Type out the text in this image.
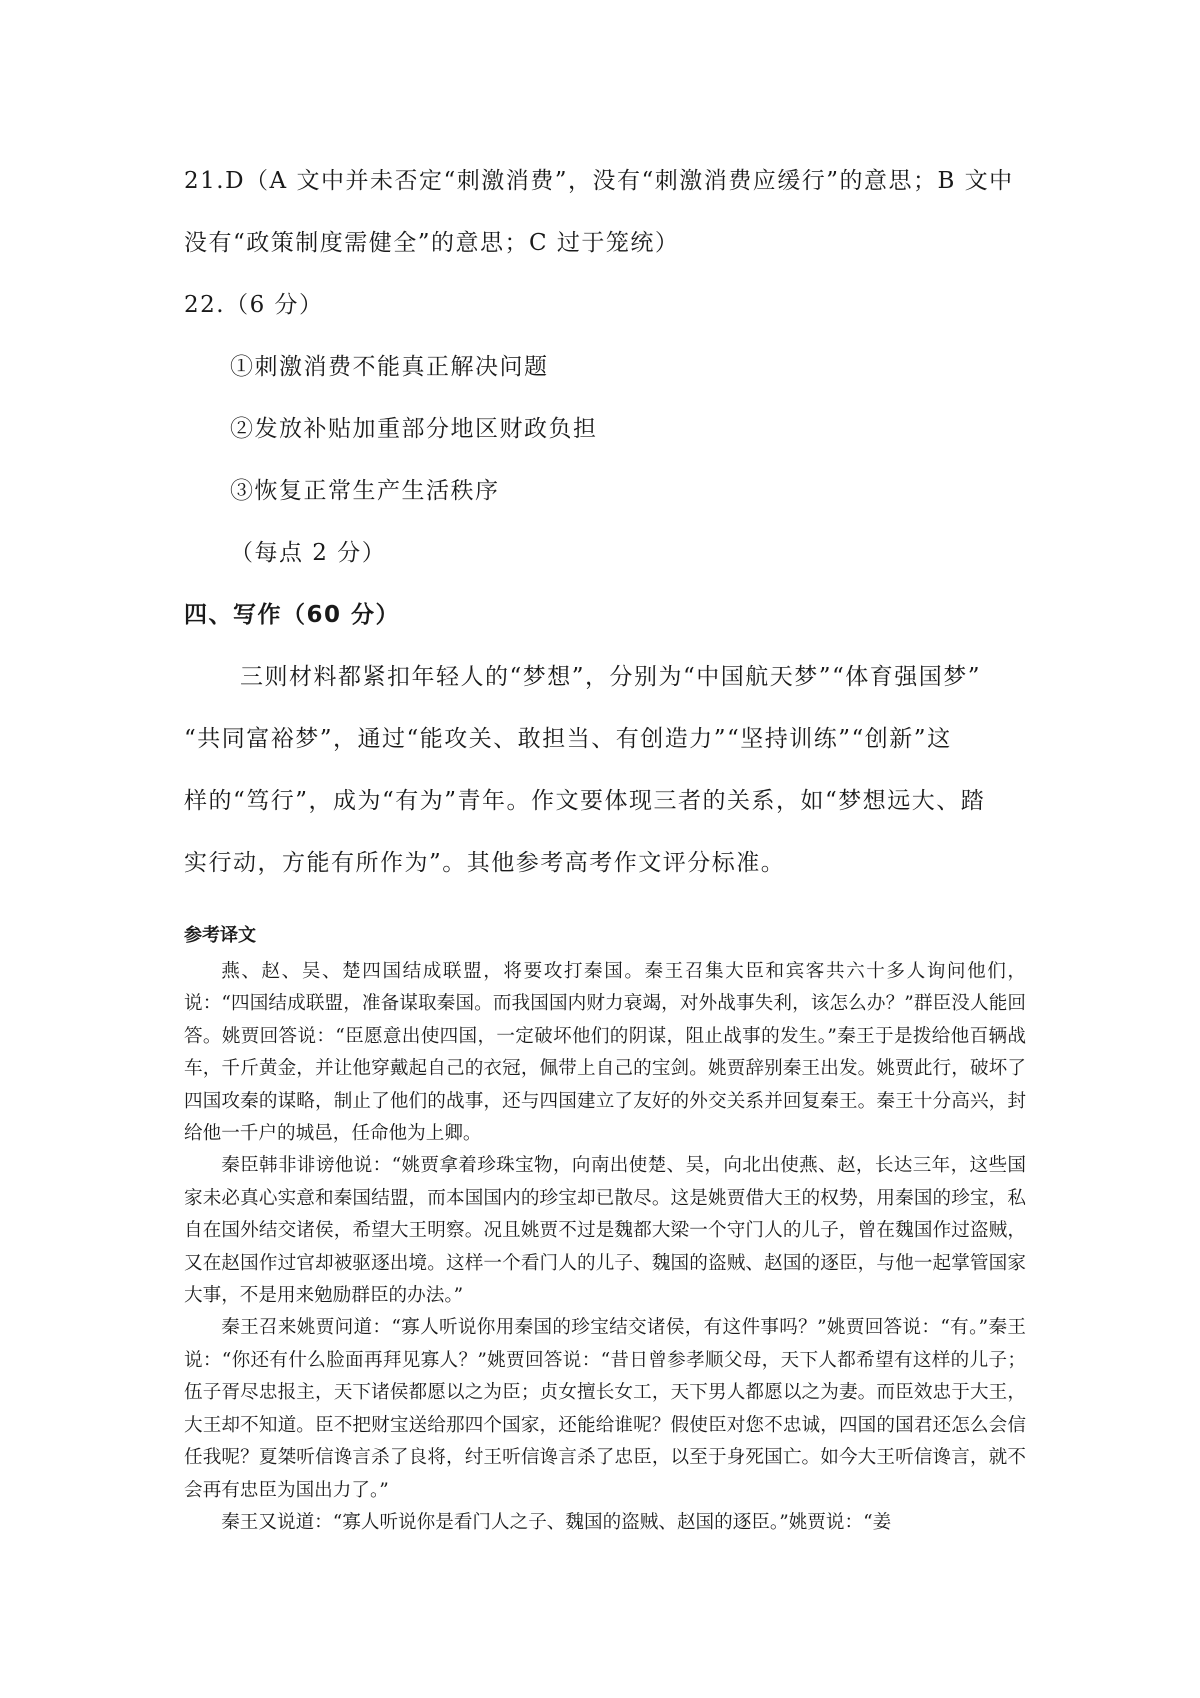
21.D（A 文中并未否定“刺激消费”，没有“刺激消费应缓行”的意思；B 文中
没有“政策制度需健全”的意思；C 过于笼统）
22.（6 分）
①刺激消费不能真正解决问题
②发放补贴加重部分地区财政负担
③恢复正常生产生活秩序
（每点 2 分）
四、写作（60 分）
三则材料都紧扣年轻人的“梦想”，分别为“中国航天梦”“体育强国梦”
“共同富裕梦”，通过“能攻关、敢担当、有创造力”“坚持训练”“创新”这
样的“笃行”，成为“有为”青年。作文要体现三者的关系，如“梦想远大、踏
实行动，方能有所作为”。其他参考高考作文评分标准。
参考译文

燕、赵、吴、楚四国结成联盟，将要攻打秦国。秦王召集大臣和宾客共六十多人询问他们，说：“四国结成联盟，准备谋取秦国。而我国国内财力衰竭，对外战事失利，该怎么办？”群臣没人能回答。姚贾回答说：“臣愿意出使四国，一定破坏他们的阴谋，阻止战事的发生。”秦王于是拨给他百辆战车，千斤黄金，并让他穿戴起自己的衣冠，佩带上自己的宝剑。姚贾辞别秦王出发。姚贾此行，破坏了四国攻秦的谋略，制止了他们的战事，还与四国建立了友好的外交关系并回复秦王。秦王十分高兴，封给他一千户的城邑，任命他为上卿。

秦臣韩非诽谤他说：“姚贾拿着珍珠宝物，向南出使楚、吴，向北出使燕、赵，长达三年，这些国家未必真心实意和秦国结盟，而本国国内的珍宝却已散尽。这是姚贾借大王的权势，用秦国的珍宝，私自在国外结交诸侯，希望大王明察。况且姚贾不过是魏都大梁一个守门人的儿子，曾在魏国作过盗贼，又在赵国作过官却被驱逐出境。这样一个看门人的儿子、魏国的盗贼、赵国的逐臣，与他一起掌管国家大事，不是用来勉励群臣的办法。”

秦王召来姚贾问道：“寡人听说你用秦国的珍宝结交诸侯，有这件事吗？”姚贾回答说：“有。”秦王说：“你还有什么脸面再拜见寡人？”姚贾回答说：“昔日曾参孝顺父母，天下人都希望有这样的儿子；伍子胥尽忠报主，天下诸侯都愿以之为臣；贞女擅长女工，天下男人都愿以之为妻。而臣效忠于大王，大王却不知道。臣不把财宝送给那四个国家，还能给谁呢？假使臣对您不忠诚，四国的国君还怎么会信任我呢？夏桀听信谗言杀了良将，纣王听信谗言杀了忠臣，以至于身死国亡。如今大王听信谗言，就不会再有忠臣为国出力了。”

秦王又说道：“寡人听说你是看门人之子、魏国的盗贼、赵国的逐臣。”姚贾说：“姜
